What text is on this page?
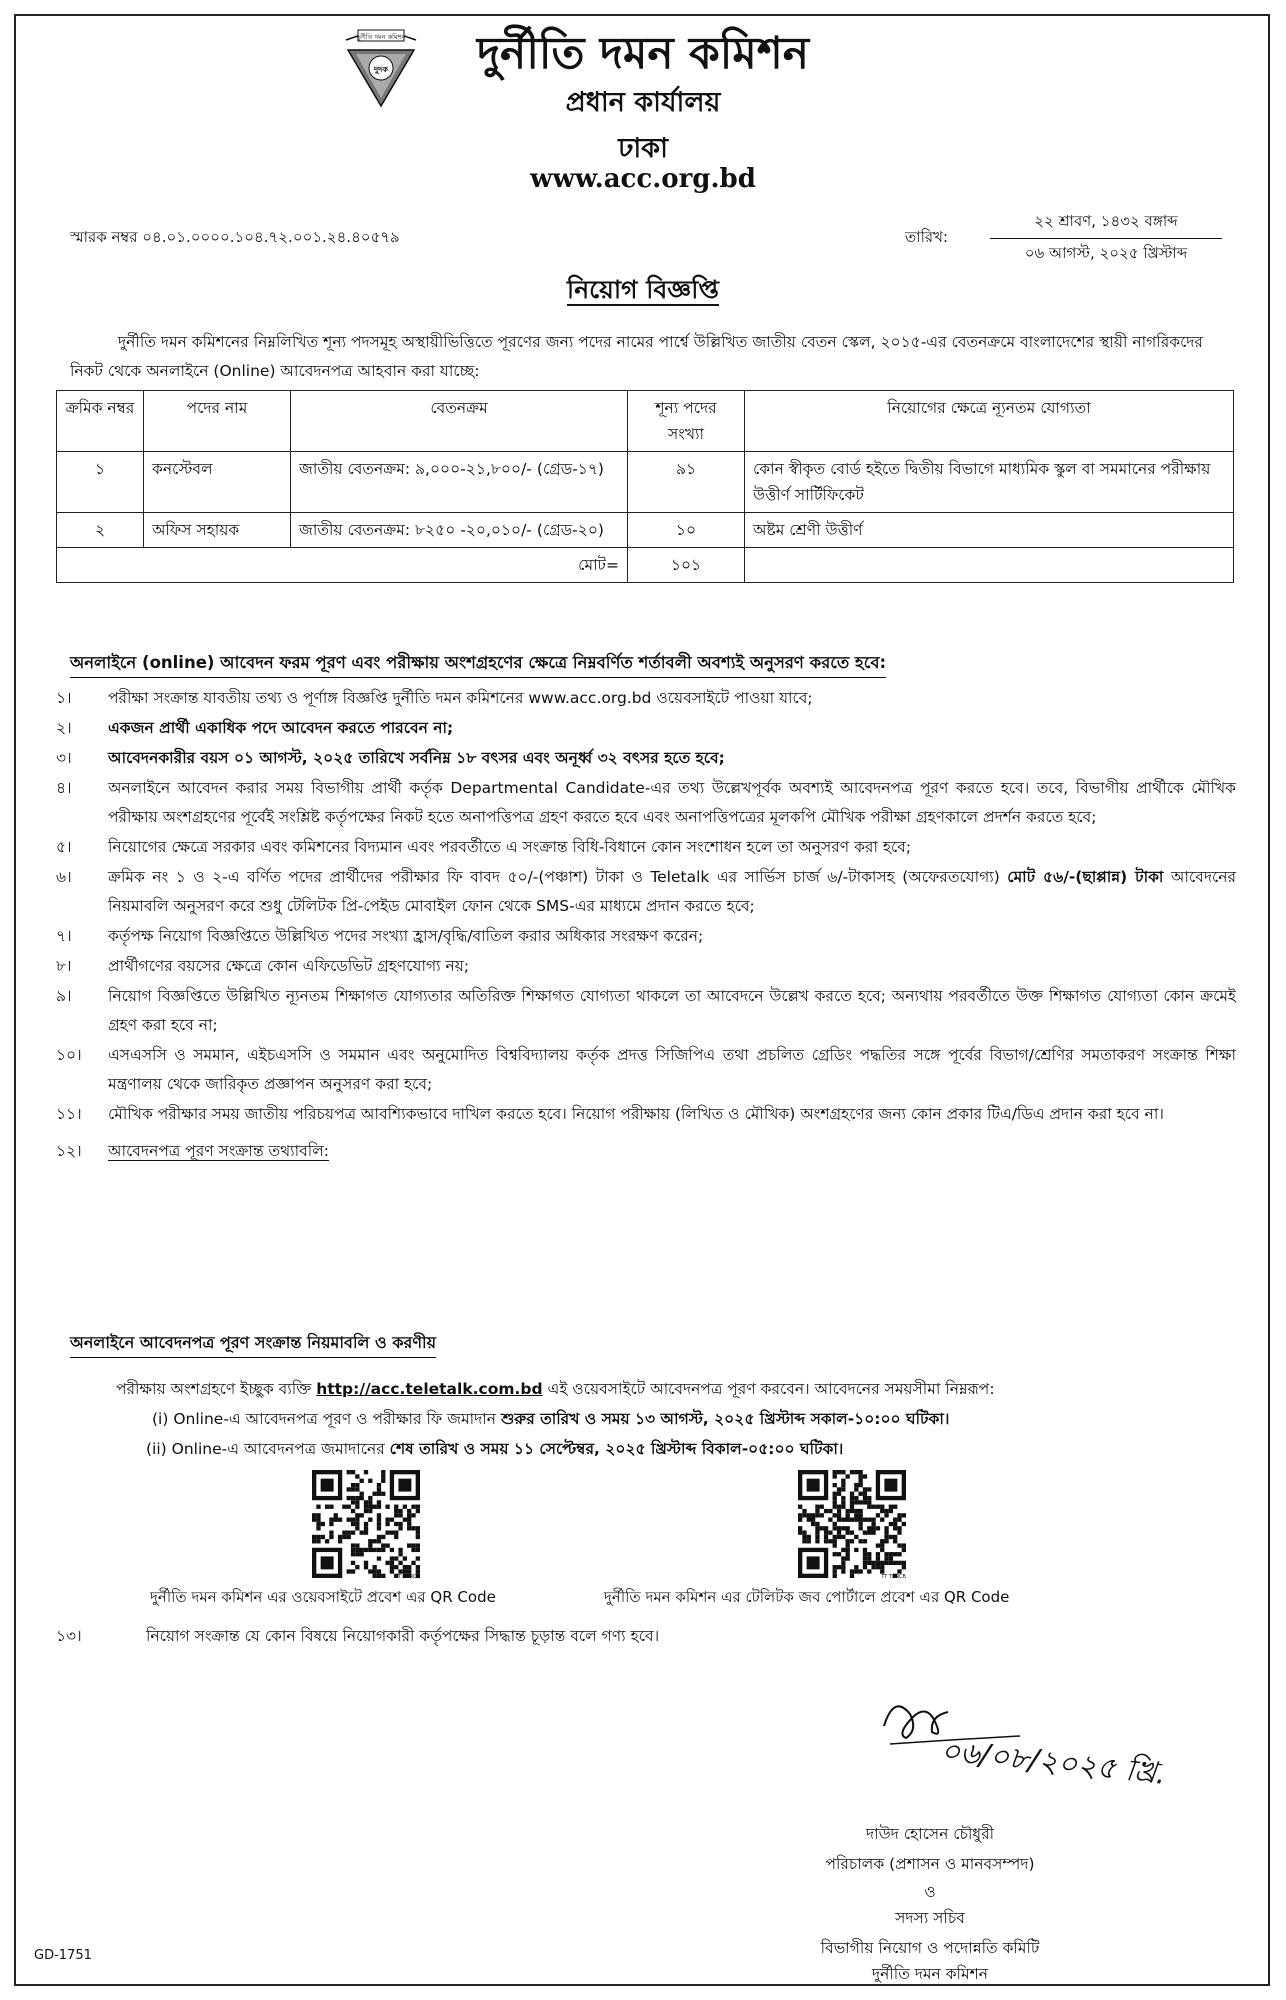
দুর্নীতি দমন কমিশন
দুদক	দুর্নীতি দমন কমিশন
প্রধান কার্যালয়
ঢাকা
www.acc.org.bd
স্মারক নম্বর ০৪.০১.০০০০.১০৪.৭২.০০১.২৪.৪০৫৭৯	তারিখ:
২২ শ্রাবণ, ১৪৩২ বঙ্গাব্দ
০৬ আগস্ট, ২০২৫ খ্রিস্টাব্দ
নিয়োগ বিজ্ঞপ্তি
দুর্নীতি দমন কমিশনের নিম্নলিখিত শূন্য পদসমূহ অস্থায়ীভিত্তিতে পূরণের জন্য পদের নামের পার্শ্বে উল্লিখিত জাতীয় বেতন স্কেল, ২০১৫-এর বেতনক্রমে বাংলাদেশের স্থায়ী নাগরিকদের নিকট থেকে অনলাইনে (Online) আবেদনপত্র আহবান করা যাচ্ছে:
ক্রমিক নম্বর	পদের নাম	বেতনক্রম	শূন্য পদের সংখ্যা	নিয়োগের ক্ষেত্রে ন্যূনতম যোগ্যতা
১	কনস্টেবল	জাতীয় বেতনক্রম: ৯,০০০-২১,৮০০/- (গ্রেড-১৭)	৯১	কোন স্বীকৃত বোর্ড হইতে দ্বিতীয় বিভাগে মাধ্যমিক স্কুল বা সমমানের পরীক্ষায় উত্তীর্ণ সার্টিফিকেট
২	অফিস সহায়ক	জাতীয় বেতনক্রম: ৮২৫০ -২০,০১০/- (গ্রেড-২০)	১০	অষ্টম শ্রেণী উত্তীর্ণ
মোট=			১০১	
অনলাইনে (online) আবেদন ফরম পূরণ এবং পরীক্ষায় অংশগ্রহণের ক্ষেত্রে নিম্নবর্ণিত শর্তাবলী অবশ্যই অনুসরণ করতে হবে:
১।	পরীক্ষা সংক্রান্ত যাবতীয় তথ্য ও পূর্ণাঙ্গ বিজ্ঞপ্তি দুর্নীতি দমন কমিশনের www.acc.org.bd ওয়েবসাইটে পাওয়া যাবে;
২।	একজন প্রার্থী একাধিক পদে আবেদন করতে পারবেন না;
৩।	আবেদনকারীর বয়স ০১ আগস্ট, ২০২৫ তারিখে সর্বনিম্ন ১৮ বৎসর এবং অনূর্ধ্ব ৩২ বৎসর হতে হবে;
৪।	অনলাইনে আবেদন করার সময় বিভাগীয় প্রার্থী কর্তৃক Departmental Candidate-এর তথ্য উল্লেখপূর্বক অবশ্যই আবেদনপত্র পূরণ করতে হবে। তবে, বিভাগীয় প্রার্থীকে মৌখিক পরীক্ষায় অংশগ্রহণের পূর্বেই সংশ্লিষ্ট কর্তৃপক্ষের নিকট হতে অনাপত্তিপত্র গ্রহণ করতে হবে এবং অনাপত্তিপত্রের মূলকপি মৌখিক পরীক্ষা গ্রহণকালে প্রদর্শন করতে হবে;
৫।	নিয়োগের ক্ষেত্রে সরকার এবং কমিশনের বিদ্যমান এবং পরবর্তীতে এ সংক্রান্ত বিধি-বিধানে কোন সংশোধন হলে তা অনুসরণ করা হবে;
৬।	ক্রমিক নং ১ ও ২-এ বর্ণিত পদের প্রার্থীদের পরীক্ষার ফি বাবদ ৫০/-(পঞ্চাশ) টাকা ও Teletalk এর সার্ভিস চার্জ ৬/-টাকাসহ (অফেরতযোগ্য) মোট ৫৬/-(ছাপ্পান্ন) টাকা আবেদনের নিয়মাবলি অনুসরণ করে শুধু টেলিটক প্রি-পেইড মোবাইল ফোন থেকে SMS-এর মাধ্যমে প্রদান করতে হবে;
৭।	কর্তৃপক্ষ নিয়োগ বিজ্ঞপ্তিতে উল্লিখিত পদের সংখ্যা হ্রাস/বৃদ্ধি/বাতিল করার অধিকার সংরক্ষণ করেন;
৮।	প্রার্থীগণের বয়সের ক্ষেত্রে কোন এফিডেভিট গ্রহণযোগ্য নয়;
৯।	নিয়োগ বিজ্ঞপ্তিতে উল্লিখিত ন্যূনতম শিক্ষাগত যোগ্যতার অতিরিক্ত শিক্ষাগত যোগ্যতা থাকলে তা আবেদনে উল্লেখ করতে হবে; অন্যথায় পরবর্তীতে উক্ত শিক্ষাগত যোগ্যতা কোন ক্রমেই গ্রহণ করা হবে না;
১০।	এসএসসি ও সমমান, এইচএসসি ও সমমান এবং অনুমোদিত বিশ্ববিদ্যালয় কর্তৃক প্রদত্ত সিজিপিএ তথা প্রচলিত গ্রেডিং পদ্ধতির সঙ্গে পূর্বের বিভাগ/শ্রেণির সমতাকরণ সংক্রান্ত শিক্ষা মন্ত্রণালয় থেকে জারিকৃত প্রজ্ঞাপন অনুসরণ করা হবে;
১১।	মৌখিক পরীক্ষার সময় জাতীয় পরিচয়পত্র আবশ্যিকভাবে দাখিল করতে হবে। নিয়োগ পরীক্ষায় (লিখিত ও মৌখিক) অংশগ্রহণের জন্য কোন প্রকার টিএ/ডিএ প্রদান করা হবে না।
১২।	আবেদনপত্র পূরণ সংক্রান্ত তথ্যাবলি:
অনলাইনে আবেদনপত্র পূরণ সংক্রান্ত নিয়মাবলি ও করণীয়
পরীক্ষায় অংশগ্রহণে ইচ্ছুক ব্যক্তি http://acc.teletalk.com.bd এই ওয়েবসাইটে আবেদনপত্র পূরণ করবেন। আবেদনের সময়সীমা নিম্নরূপ:
(i) Online-এ আবেদনপত্র পূরণ ও পরীক্ষার ফি জমাদান শুরুর তারিখ ও সময় ১৩ আগস্ট, ২০২৫ খ্রিস্টাব্দ সকাল-১০:০০ ঘটিকা।
(ii) Online-এ আবেদনপত্র জমাদানের শেষ তারিখ ও সময় ১১ সেপ্টেম্বর, ২০২৫ খ্রিস্টাব্দ বিকাল-০৫:০০ ঘটিকা।
TT TDRCB	TT TDRCB
দুর্নীতি দমন কমিশন এর ওয়েবসাইটে প্রবেশ এর QR Code	দুর্নীতি দমন কমিশন এর টেলিটক জব পোর্টালে প্রবেশ এর QR Code
১৩।	নিয়োগ সংক্রান্ত যে কোন বিষয়ে নিয়োগকারী কর্তৃপক্ষের সিদ্ধান্ত চূড়ান্ত বলে গণ্য হবে।
০৬/০৮/২০২৫ খ্রি.
দাউদ হোসেন চৌধুরী
পরিচালক (প্রশাসন ও মানবসম্পদ)
ও
সদস্য সচিব
বিভাগীয় নিয়োগ ও পদোন্নতি কমিটি
দুর্নীতি দমন কমিশন
GD-1751
